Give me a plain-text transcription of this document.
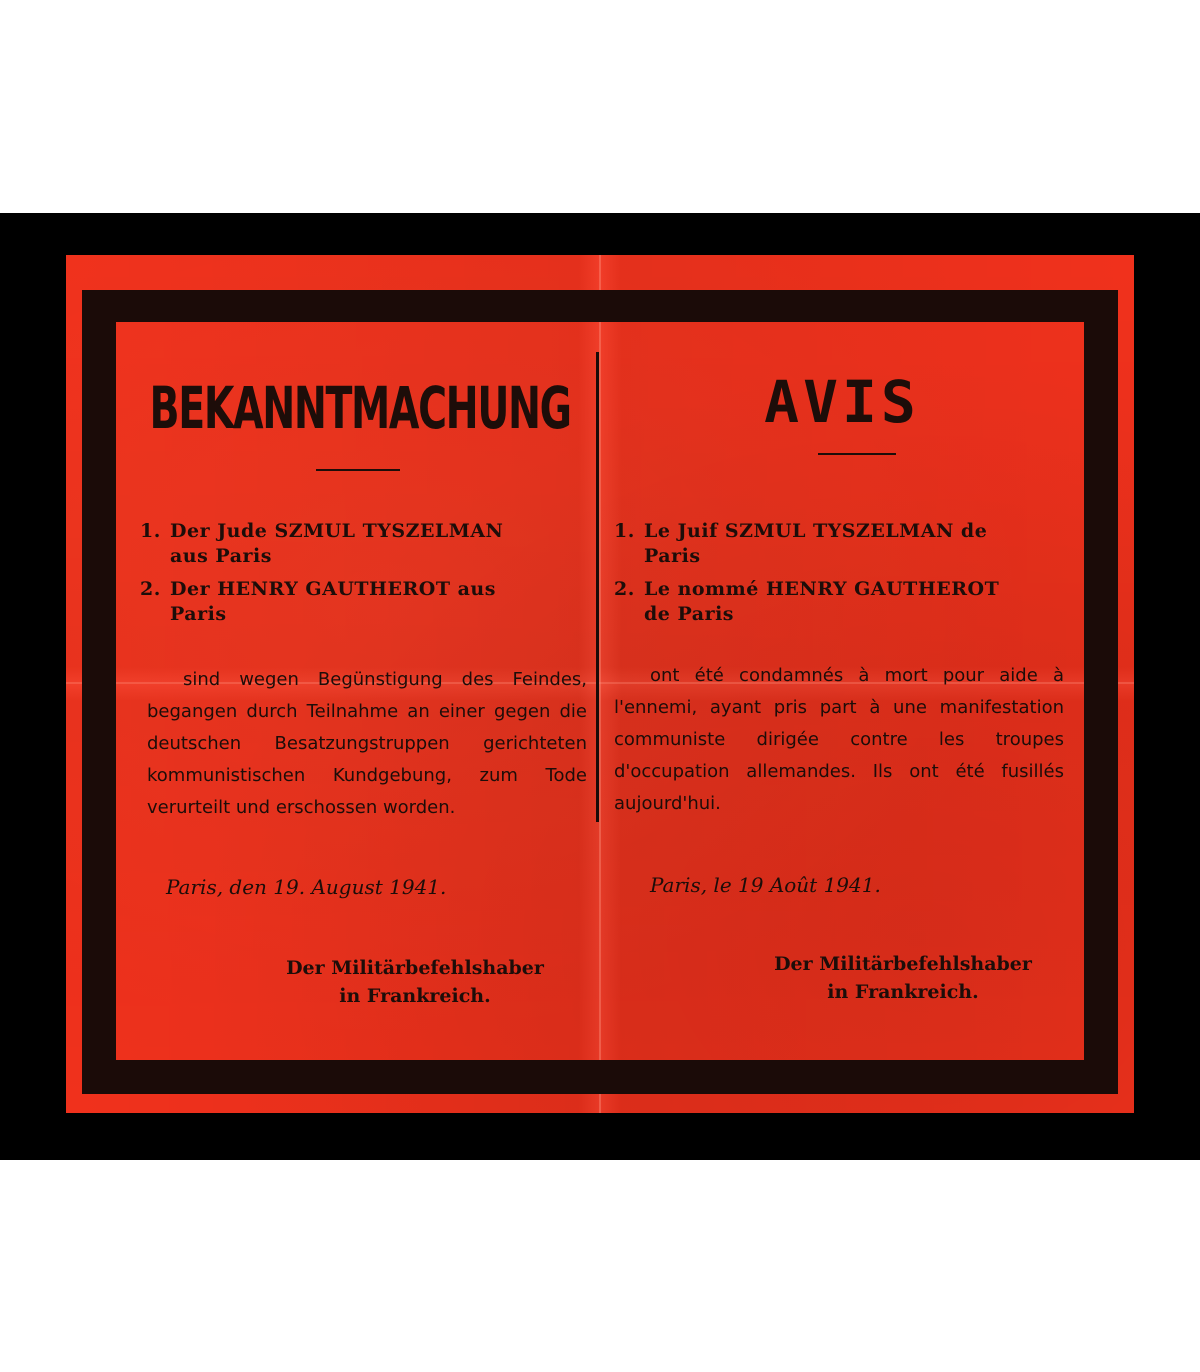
BEKANNTMACHUNG
1. Der Jude SZMUL TYSZELMAN
aus Paris
2. Der HENRY GAUTHEROT aus
Paris

sind wegen Begünstigung des Feindes, begangen durch Teilnahme an einer gegen die deutschen Besatzungstruppen gerichteten kommunistischen Kundgebung, zum Tode verurteilt und erschossen worden.

Paris, den 19. August 1941.
Der Militärbefehlshaber
in Frankreich.
AVIS
1. Le Juif SZMUL TYSZELMAN de
Paris
2. Le nommé HENRY GAUTHEROT
de Paris

ont été condamnés à mort pour aide à l'ennemi, ayant pris part à une manifestation communiste dirigée contre les troupes d'occupation allemandes. Ils ont été fusillés aujourd'hui.

Paris, le 19 Août 1941.
Der Militärbefehlshaber
in Frankreich.
